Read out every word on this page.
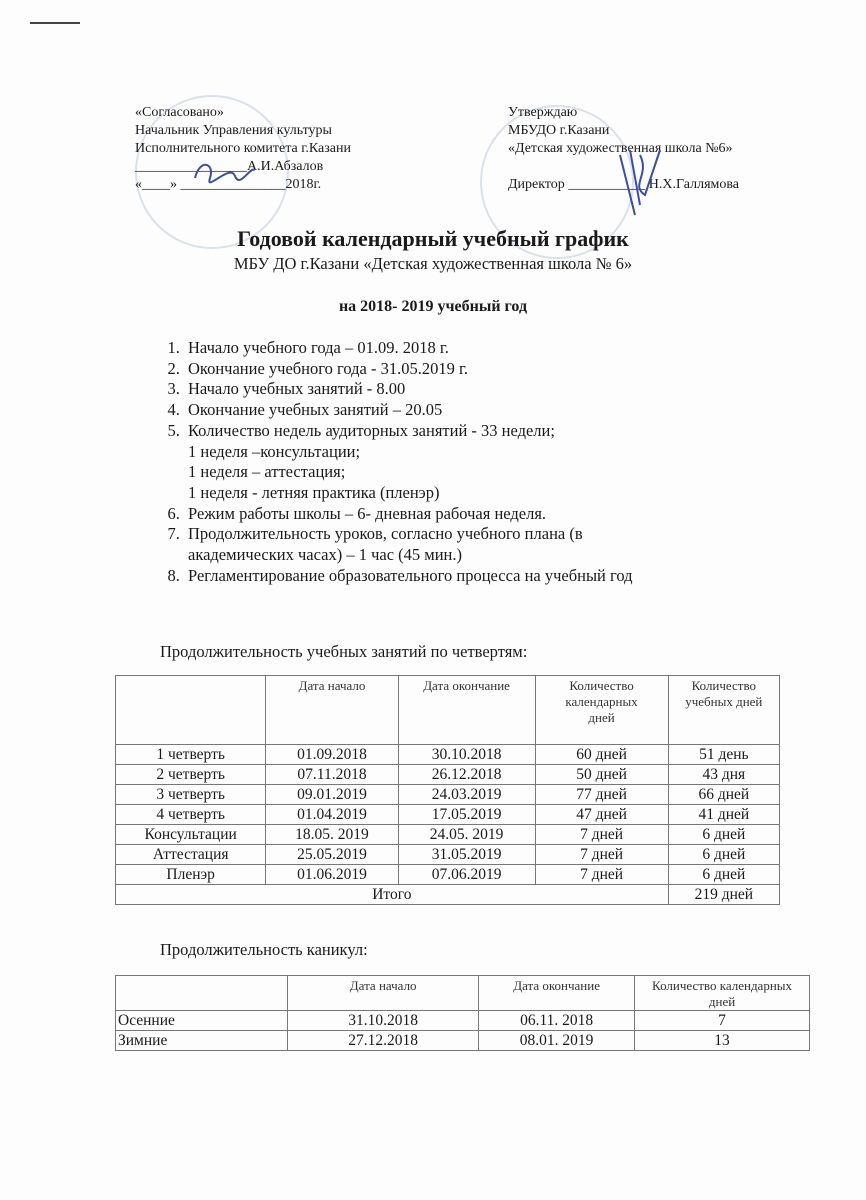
«Согласовано»
Начальник Управления культуры
Исполнительного комитета г.Казани
________________А.И.Абзалов
«____» _______________2018г.
Утверждаю
МБУДО г.Казани
«Детская художественная школа №6»
Директор ___________ Н.Х.Галлямова
Годовой календарный учебный график
МБУ ДО г.Казани «Детская художественная школа № 6»
на 2018- 2019 учебный год
1. Начало учебного года – 01.09. 2018 г.
2. Окончание учебного года - 31.05.2019 г.
3. Начало учебных занятий - 8.00
4. Окончание учебных занятий – 20.05
5. Количество недель аудиторных занятий - 33 недели;
1 неделя –консультации;
1 неделя – аттестация;
1 неделя - летняя практика (пленэр)
6. Режим работы школы – 6- дневная рабочая неделя.
7. Продолжительность уроков, согласно учебного плана (в академических часах) – 1 час (45 мин.)
8. Регламентирование образовательного процесса на учебный год
Продолжительность учебных занятий по четвертям:
	Дата начало	Дата окончание	Количество календарных дней	Количество учебных дней
1 четверть	01.09.2018	30.10.2018	60 дней	51 день
2 четверть	07.11.2018	26.12.2018	50 дней	43 дня
3 четверть	09.01.2019	24.03.2019	77 дней	66 дней
4 четверть	01.04.2019	17.05.2019	47 дней	41 дней
Консультации	18.05. 2019	24.05. 2019	7 дней	6 дней
Аттестация	25.05.2019	31.05.2019	7 дней	6 дней
Пленэр	01.06.2019	07.06.2019	7 дней	6 дней
Итого				219 дней
Продолжительность каникул:
	Дата начало	Дата окончание	Количество календарных дней
Осенние	31.10.2018	06.11. 2018	7
Зимние	27.12.2018	08.01. 2019	13
